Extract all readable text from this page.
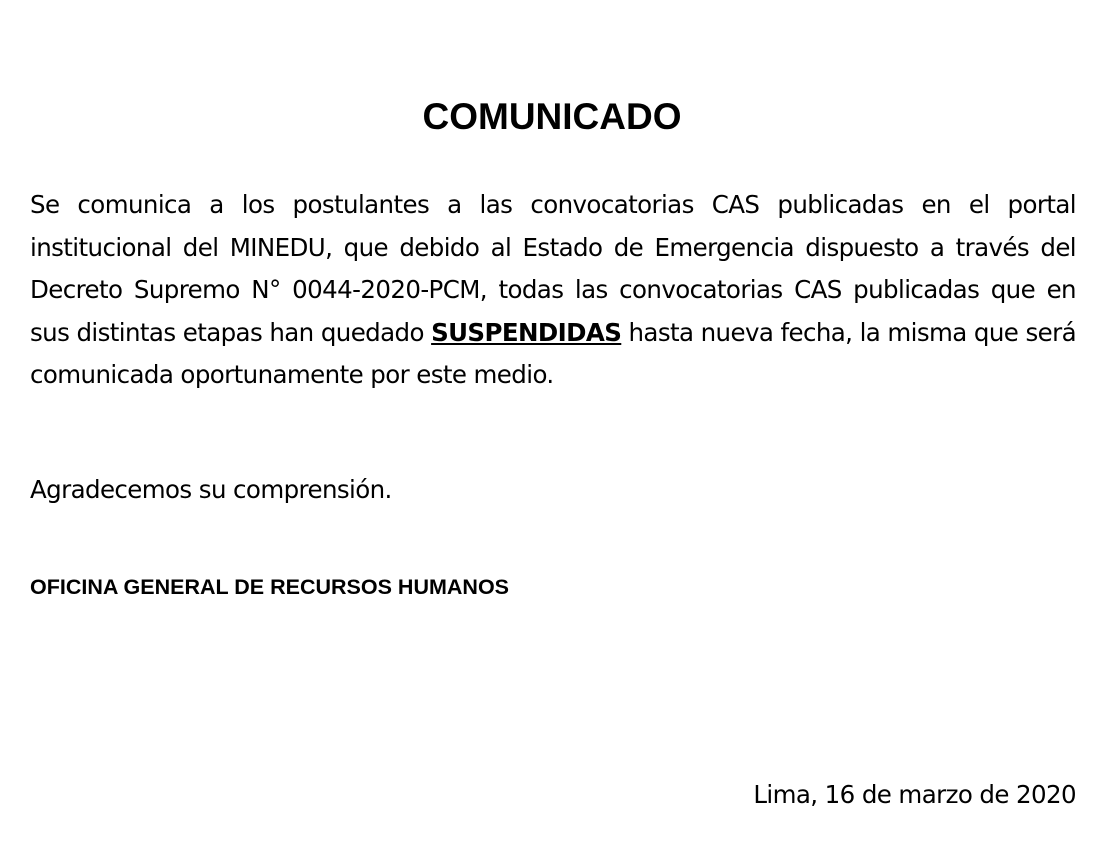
COMUNICADO

Se comunica a los postulantes a las convocatorias CAS publicadas en el portal institucional del MINEDU, que debido al Estado de Emergencia dispuesto a través del Decreto Supremo N° 0044-2020-PCM, todas las convocatorias CAS publicadas que en sus distintas etapas han quedado SUSPENDIDAS hasta nueva fecha, la misma que será comunicada oportunamente por este medio.

Agradecemos su comprensión.

OFICINA GENERAL DE RECURSOS HUMANOS

Lima, 16 de marzo de 2020
